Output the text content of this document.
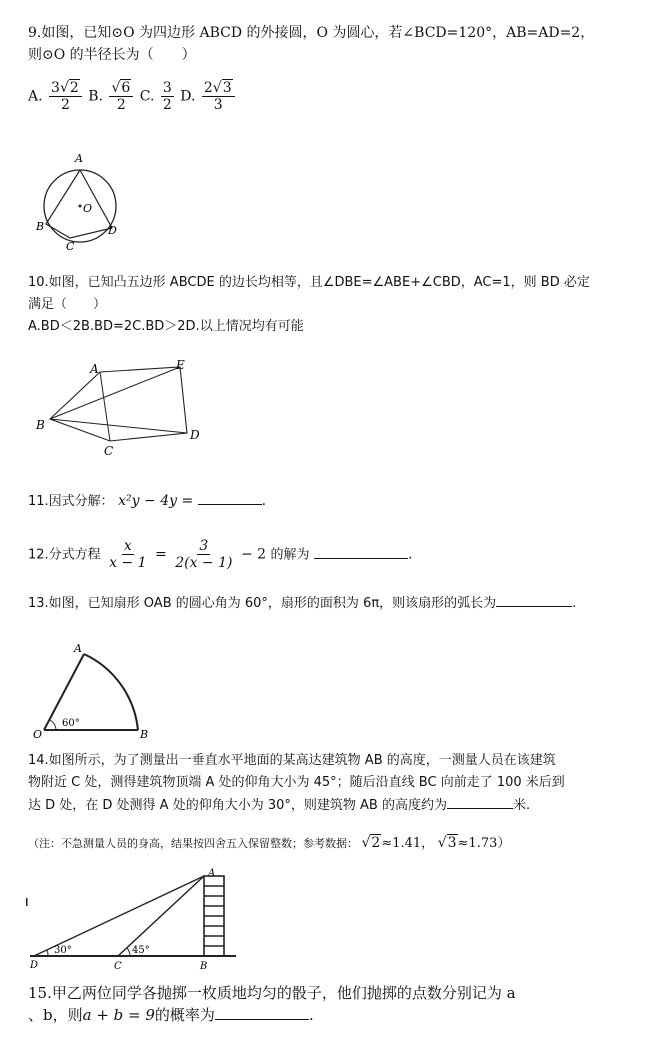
9.如图，已知⊙O 为四边形 ABCD 的外接圆，O 为圆心，若∠BCD=120°，AB=AD=2，
则⊙O 的半径长为（　　）
A. $\frac{3√2}{2} B$. $\frac{√6}{2} C$. $\frac{3}{2} D$. $\frac{2√3}{3}$
A
O
B
C
D
10.如图，已知凸五边形 ABCDE 的边长均相等，且∠DBE=∠ABE+∠CBD，AC=1，则 BD 必定
满足（　　）
A.BD＜2B.BD=2C.BD＞2D.以上情况均有可能
A	E
B
D
C
11.因式分解： x²y − 4y =	.
12.分式方程 $\frac{x}{x - 1} = \frac{3}{2(x - 1)} - 2$ 的解为	.
13.如图，已知扇形 OAB 的圆心角为 60°，扇形的面积为 6π，则该扇形的弧长为	.
A
O	B
60°
14.如图所示，为了测量出一垂直水平地面的某高达建筑物 AB 的高度，一测量人员在该建筑
物附近 C 处，测得建筑物顶端 A 处的仰角大小为 45°；随后沿直线 BC 向前走了 100 米后到
达 D 处，在 D 处测得 A 处的仰角大小为 30°，则建筑物 AB 的高度约为	米.
（注：不急测量人员的身高，结果按四舍五入保留整数；参考数据： √2≈1.41， √3≈1.73）
A
D	C	B
30°	45°
15.甲乙两位同学各抛掷一枚质地均匀的骰子，他们抛掷的点数分别记为 a
、b，则a + b = 9的概率为	.
